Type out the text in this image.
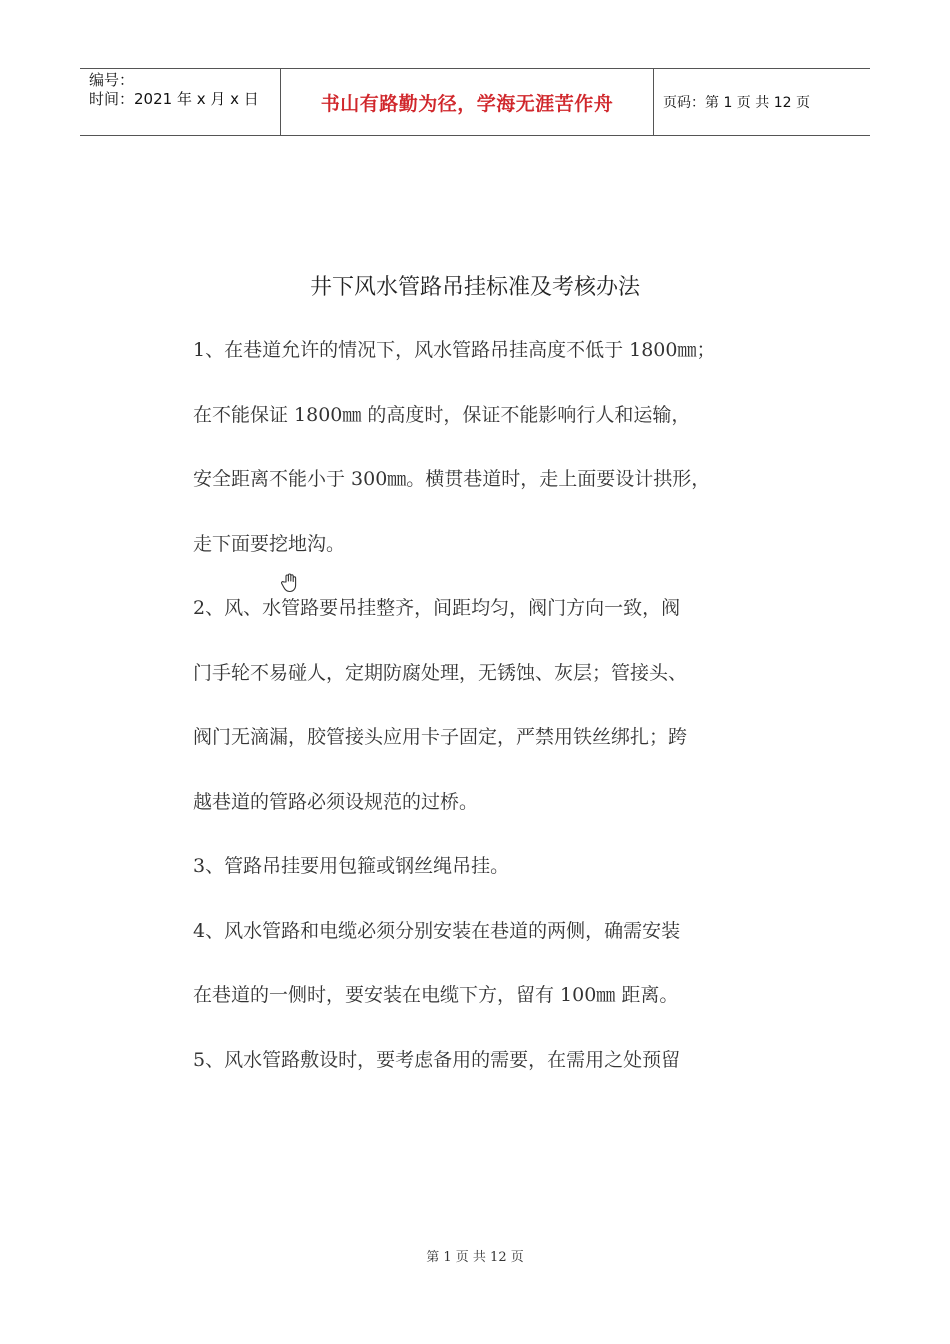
编号：
时间：2021 年 x 月 x 日	书山有路勤为径，学海无涯苦作舟	页码：第 1 页 共 12 页
井下风水管路吊挂标准及考核办法
1、在巷道允许的情况下，风水管路吊挂高度不低于 1800㎜；
在不能保证 1800㎜ 的高度时，保证不能影响行人和运输，
安全距离不能小于 300㎜。横贯巷道时，走上面要设计拱形，
走下面要挖地沟。
2、风、水管路要吊挂整齐，间距均匀，阀门方向一致，阀
门手轮不易碰人，定期防腐处理，无锈蚀、灰层；管接头、
阀门无滴漏，胶管接头应用卡子固定，严禁用铁丝绑扎；跨
越巷道的管路必须设规范的过桥。
3、管路吊挂要用包箍或钢丝绳吊挂。
4、风水管路和电缆必须分别安装在巷道的两侧，确需安装
在巷道的一侧时，要安装在电缆下方，留有 100㎜ 距离。
5、风水管路敷设时，要考虑备用的需要，在需用之处预留
第 1 页 共 12 页
